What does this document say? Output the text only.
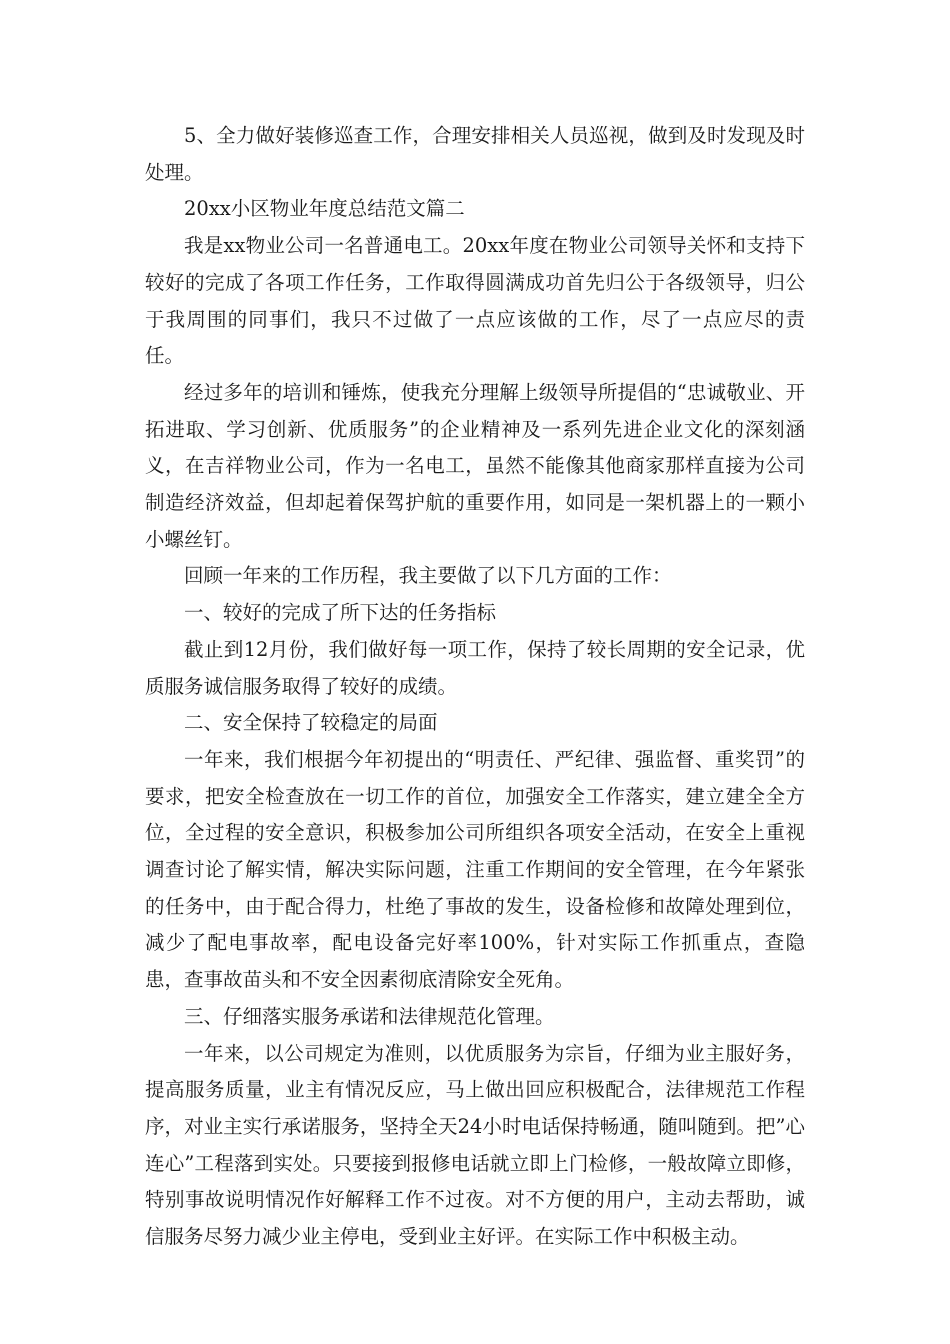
5、全力做好装修巡查工作，合理安排相关人员巡视，做到及时发现及时处理。

20xx小区物业年度总结范文篇二

我是xx物业公司一名普通电工。20xx年度在物业公司领导关怀和支持下较好的完成了各项工作任务，工作取得圆满成功首先归公于各级领导，归公于我周围的同事们，我只不过做了一点应该做的工作，尽了一点应尽的责任。

经过多年的培训和锤炼，使我充分理解上级领导所提倡的“忠诚敬业、开拓进取、学习创新、优质服务”的企业精神及一系列先进企业文化的深刻涵义，在吉祥物业公司，作为一名电工，虽然不能像其他商家那样直接为公司制造经济效益，但却起着保驾护航的重要作用，如同是一架机器上的一颗小小螺丝钉。

回顾一年来的工作历程，我主要做了以下几方面的工作：

一、较好的完成了所下达的任务指标

截止到12月份，我们做好每一项工作，保持了较长周期的安全记录，优质服务诚信服务取得了较好的成绩。

二、安全保持了较稳定的局面

一年来，我们根据今年初提出的“明责任、严纪律、强监督、重奖罚”的要求，把安全检查放在一切工作的首位，加强安全工作落实，建立建全全方位，全过程的安全意识，积极参加公司所组织各项安全活动，在安全上重视调查讨论了解实情，解决实际问题，注重工作期间的安全管理，在今年紧张的任务中，由于配合得力，杜绝了事故的发生，设备检修和故障处理到位，减少了配电事故率，配电设备完好率100%，针对实际工作抓重点，查隐患，查事故苗头和不安全因素彻底清除安全死角。

三、仔细落实服务承诺和法律规范化管理。

一年来，以公司规定为准则，以优质服务为宗旨，仔细为业主服好务，提高服务质量，业主有情况反应，马上做出回应积极配合，法律规范工作程序，对业主实行承诺服务，坚持全天24小时电话保持畅通，随叫随到。把”心连心”工程落到实处。只要接到报修电话就立即上门检修，一般故障立即修，特别事故说明情况作好解释工作不过夜。对不方便的用户，主动去帮助，诚信服务尽努力减少业主停电，受到业主好评。在实际工作中积极主动。
